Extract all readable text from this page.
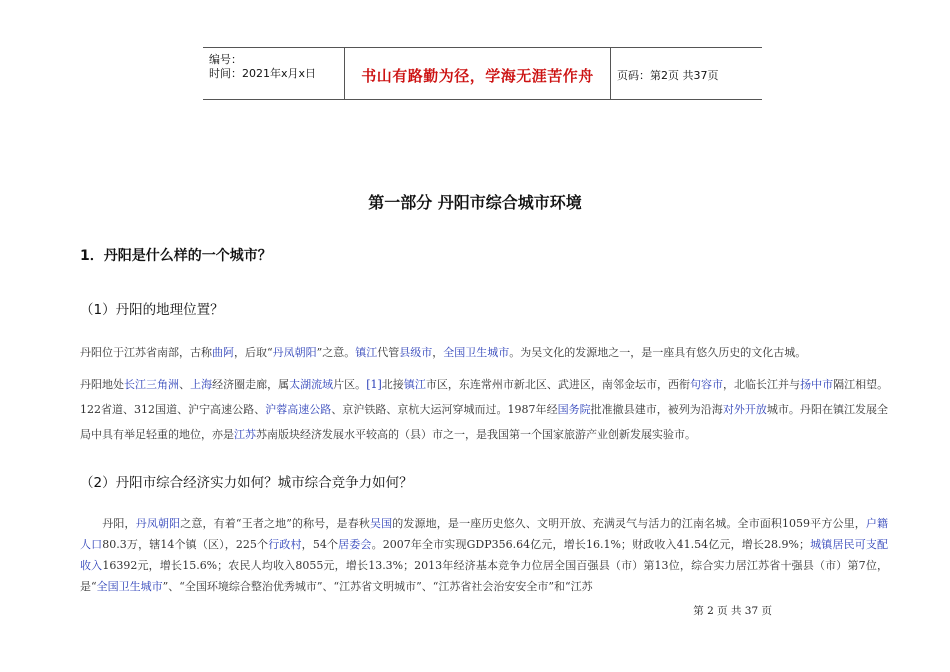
编号：
时间：2021年x月x日	书山有路勤为径，学海无涯苦作舟	页码：第2页 共37页
第一部分 丹阳市综合城市环境
1．丹阳是什么样的一个城市？
（1）丹阳的地理位置？
丹阳位于江苏省南部，古称曲阿，后取“丹凤朝阳”之意。镇江代管县级市，全国卫生城市。为吴文化的发源地之一，是一座具有悠久历史的文化古城。
丹阳地处长江三角洲、上海经济圈走廊，属太湖流域片区。[1]北接镇江市区，东连常州市新北区、武进区，南邻金坛市，西衔句容市，北临长江并与扬中市隔江相望。122省道、312国道、沪宁高速公路、沪蓉高速公路、京沪铁路、京杭大运河穿城而过。1987年经国务院批准撤县建市，被列为沿海对外开放城市。丹阳在镇江发展全局中具有举足轻重的地位，亦是江苏苏南版块经济发展水平较高的（县）市之一，是我国第一个国家旅游产业创新发展实验市。
（2）丹阳市综合经济实力如何？城市综合竞争力如何？
　　丹阳，丹凤朝阳之意，有着“王者之地”的称号，是春秋吴国的发源地，是一座历史悠久、文明开放、充满灵气与活力的江南名城。全市面积1059平方公里，户籍人口80.3万，辖14个镇（区），225个行政村，54个居委会。2007年全市实现GDP356.64亿元，增长16.1%；财政收入41.54亿元，增长28.9%；城镇居民可支配收入16392元，增长15.6%；农民人均收入8055元，增长13.3%；2013年经济基本竞争力位居全国百强县（市）第13位，综合实力居江苏省十强县（市）第7位，是“全国卫生城市”、“全国环境综合整治优秀城市”、“江苏省文明城市”、“江苏省社会治安安全市”和“江苏
第 2 页 共 37 页
